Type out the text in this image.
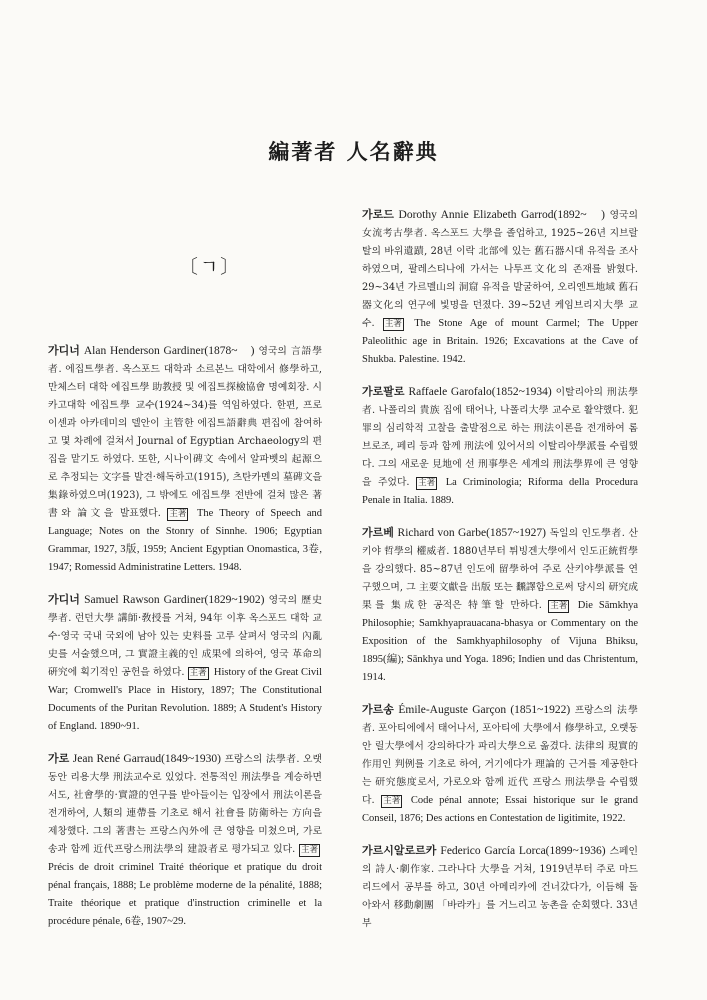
編著者 人名辭典
〔ㄱ〕
가디너 Alan Henderson Gardiner(1878~　) 영국의 言語學者. 에집트學者. 옥스포드 대학과 소르본느 대학에서 修學하고, 만체스터 대학 에집트學 助教授 및 에집트探檢協會 명예회장. 시카고대학 에집트學 교수(1924~34)를 역임하였다. 한편, 프로이센과 아카데미의 델안이 主管한 에집트語辭典 편집에 참여하고 몇 차례에 걸쳐서 Journal of Egyptian Archaeology의 편집을 맡기도 하였다. 또한, 시나이碑文 속에서 알파벳의 起源으로 추정되는 文字를 발견·해독하고(1915), 츠탄카멘의 墓碑文을 集錄하였으며(1923), 그 밖에도 에집트學 전반에 걸쳐 많은 著書와 論文을 발표했다. 主著 The Theory of Speech and Language; Notes on the Stonry of Sinnhe. 1906; Egyptian Grammar, 1927, 3版, 1959; Ancient Egyptian Onomastica, 3卷, 1947; Romessid Administratine Letters. 1948.
가디너 Samuel Rawson Gardiner(1829~1902) 영국의 歷史學者. 런던大學 講師·敎授를 거쳐, 94年 이후 옥스포드 대학 교수·영국 국내 국외에 남아 있는 史料를 고루 살펴서 영국의 內亂史를 서술했으며, 그 實證主義的인 成果에 의하여, 영국 革命의 硏究에 획기적인 공헌을 하였다. 主著 History of the Great Civil War; Cromwell's Place in History, 1897; The Constitutional Documents of the Puritan Revolution. 1889; A Student's History of England. 1890~91.
가로 Jean René Garraud(1849~1930) 프랑스의 法學者. 오랫동안 리용大學 刑法교수로 있었다. 전통적인 刑法學을 계승하면서도, 社會學的·實證的연구를 받아들이는 입장에서 刑法이론을 전개하여, 人類의 連帶를 기초로 해서 社會를 防衛하는 方向을 제창했다. 그의 著書는 프랑스內外에 큰 영향을 미쳤으며, 가로송과 함께 近代프랑스刑法學의 建設者로 평가되고 있다. 主著 Précis de droit criminel Traité théorique et pratique du droit pénal français, 1888; Le problème moderne de la pénalité, 1888; Traite théorique et pratique d'instruction criminelle et la procédure pénale, 6卷, 1907~29.
가로드 Dorothy Annie Elizabeth Garrod(1892~　) 영국의 女流考古學者. 옥스포드 大學을 졸업하고, 1925~26년 지브랄탈의 바위遺蹟, 28년 이락 北部에 있는 舊石器시대 유적을 조사하였으며, 팔레스티나에 가서는 나투프文化의 존재를 밝혔다. 29~34년 가르멜山의 洞窟 유적을 발굴하여, 오리엔트地域 舊石器文化의 연구에 빛명을 던졌다. 39~52년 케임브리지大學 교수. 主著 The Stone Age of mount Carmel; The Upper Paleolithic age in Britain. 1926; Excavations at the Cave of Shukba. Palestine. 1942.
가로팔로 Raffaele Garofalo(1852~1934) 이탈리아의 刑法學者. 나폴리의 貴族 집에 태어나, 나폴리大學 교수로 활약했다. 犯罪의 심리학적 고찰을 출발점으로 하는 刑法이론을 전개하여 롬브로조, 페리 등과 함께 刑法에 있어서의 이탈리아學派를 수립했다. 그의 새로운 見地에 선 刑事學은 세계의 刑法學界에 큰 영향을 주었다. 主著 La Criminologia; Riforma della Procedura Penale in Italia. 1889.
가르베 Richard von Garbe(1857~1927) 독일의 인도學者. 산키야 哲學의 權威者. 1880년부터 튀빙겐大學에서 인도正統哲學을 강의했다. 85~87년 인도에 留學하여 주로 산키야學派를 연구했으며, 그 主要文獻을 出版 또는 飜譯함으로써 당시의 研究成果를 集成한 공적은 特筆할 만하다. 主著 Die Sāmkhya Philosophie; Samkhyaprauacana-bhasya or Commentary on the Exposition of the Samkhyaphilosophy of Vijuna Bhiksu, 1895(編); Sānkhya und Yoga. 1896; Indien und das Christentum, 1914.
가르송 Émile-Auguste Garçon (1851~1922) 프랑스의 法學者. 포아티에에서 태어나서, 포아티에 大學에서 修學하고, 오랫동안 릴大學에서 강의하다가 파리大學으로 옮겼다. 法律의 現實的 作用인 判例를 기초로 하여, 거기에다가 理論的 근거를 제공한다는 研究態度로서, 가로오와 함께 近代 프랑스 刑法學을 수립했다. 主著 Code pénal annote; Essai historique sur le grand Conseil, 1876; Des actions en Contestation de ligitimite, 1922.
가르시알로르카 Federico García Lorca(1899~1936) 스페인의 詩人·劇作家. 그라나다 大學을 거쳐, 1919년부터 주로 마드리드에서 공부를 하고, 30년 아메리카에 건너갔다가, 이듬해 돌아와서 移動劇團 「바라카」를 거느리고 농촌을 순회했다. 33년부
